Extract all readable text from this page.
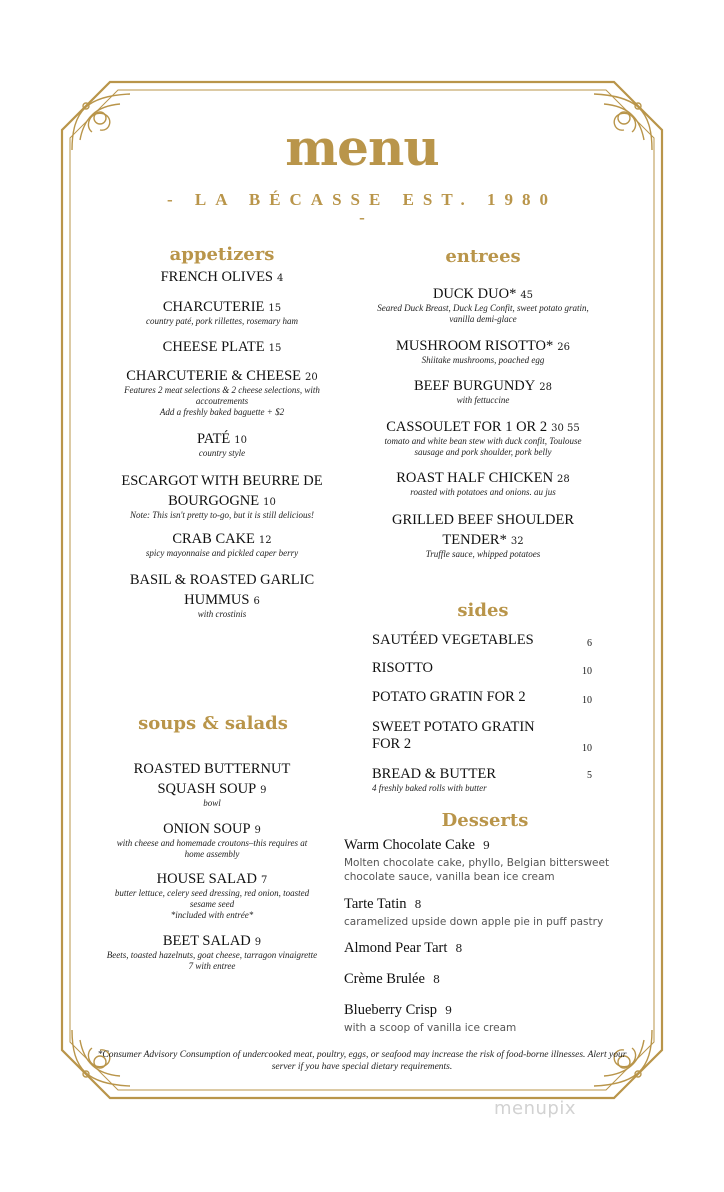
menu
- LA BÉCASSE EST. 1980
-
appetizers
FRENCH OLIVES 4
CHARCUTERIE 15
country paté, pork rillettes, rosemary ham
CHEESE PLATE 15
CHARCUTERIE & CHEESE 20
Features 2 meat selections & 2 cheese selections, with accoutrements
Add a freshly baked baguette + $2
PATÉ 10
country style
ESCARGOT WITH BEURRE DE BOURGOGNE 10
Note: This isn't pretty to-go, but it is still delicious!
CRAB CAKE 12
spicy mayonnaise and pickled caper berry
BASIL & ROASTED GARLIC HUMMUS 6
with crostinis
soups & salads
ROASTED BUTTERNUT SQUASH SOUP 9
bowl
ONION SOUP 9
with cheese and homemade croutons–this requires at home assembly
HOUSE SALAD 7
butter lettuce, celery seed dressing, red onion, toasted sesame seed
*included with entrée*
BEET SALAD 9
Beets, toasted hazelnuts, goat cheese, tarragon vinaigrette
7 with entree
entrees
DUCK DUO* 45
Seared Duck Breast, Duck Leg Confit, sweet potato gratin, vanilla demi-glace
MUSHROOM RISOTTO* 26
Shiitake mushrooms, poached egg
BEEF BURGUNDY 28
with fettuccine
CASSOULET FOR 1 OR 2 30 55
tomato and white bean stew with duck confit, Toulouse sausage and pork shoulder, pork belly
ROAST HALF CHICKEN 28
roasted with potatoes and onions. au jus
GRILLED BEEF SHOULDER TENDER* 32
Truffle sauce, whipped potatoes
sides
SAUTÉED VEGETABLES	6
RISOTTO	10
POTATO GRATIN FOR 2	10
SWEET POTATO GRATIN FOR 2	10
BREAD & BUTTER	5
4 freshly baked rolls with butter
Desserts
Warm Chocolate Cake 9
Molten chocolate cake, phyllo, Belgian bittersweet chocolate sauce, vanilla bean ice cream
Tarte Tatin 8
caramelized upside down apple pie in puff pastry
Almond Pear Tart 8
Crème Brulée 8
Blueberry Crisp 9
with a scoop of vanilla ice cream
*Consumer Advisory Consumption of undercooked meat, poultry, eggs, or seafood may increase the risk of food-borne illnesses. Alert your server if you have special dietary requirements.
menupix
